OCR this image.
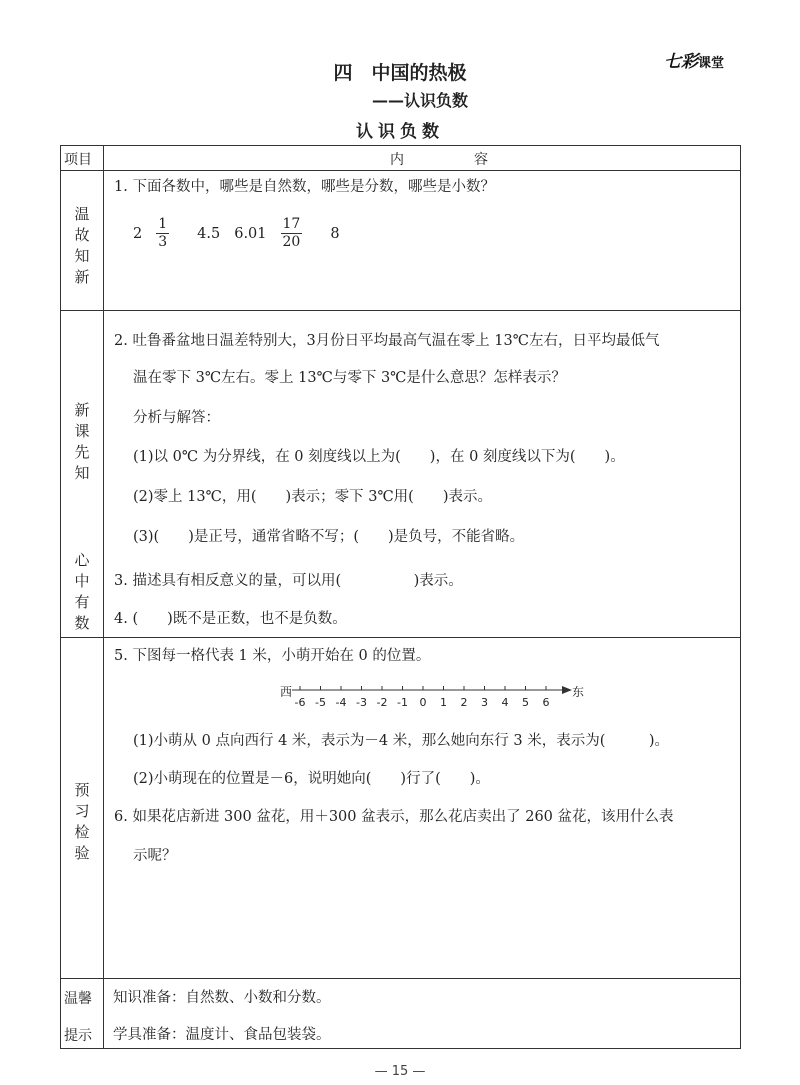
七彩课堂
四　中国的热极
——认识负数
认识负数
项目	内　容
温
故
知
新
新
课
先
知
心
中
有
数
预
习
检
验
温馨
提示
1. 下面各数中，哪些是自然数，哪些是分数，哪些是小数？
$2 \frac{1}{3} 4.5$ $6.01 \frac{17}{20} 8$
2. 吐鲁番盆地日温差特别大，3月份日平均最高气温在零上 13℃左右，日平均最低气
温在零下 3℃左右。零上 13℃与零下 3℃是什么意思？怎样表示？
分析与解答：
(1)以 0℃ 为分界线，在 0 刻度线以上为(　　)，在 0 刻度线以下为(　　)。
(2)零上 13℃，用(　　)表示；零下 3℃用(　　)表示。
(3)(　　)是正号，通常省略不写；(　　)是负号，不能省略。
3. 描述具有相反意义的量，可以用(　　　　　)表示。
4. (　　)既不是正数，也不是负数。
5. 下图每一格代表 1 米，小萌开始在 0 的位置。
西	东
-6 -5 -4 -3 -2 -1 0 1 2 3 4 5 6
(1)小萌从 0 点向西行 4 米，表示为－4 米，那么她向东行 3 米，表示为(　　　)。
(2)小萌现在的位置是－6，说明她向(　　)行了(　　)。
6. 如果花店新进 300 盆花，用＋300 盆表示，那么花店卖出了 260 盆花，该用什么表
示呢？
知识准备：自然数、小数和分数。
学具准备：温度计、食品包装袋。
— 15 —
